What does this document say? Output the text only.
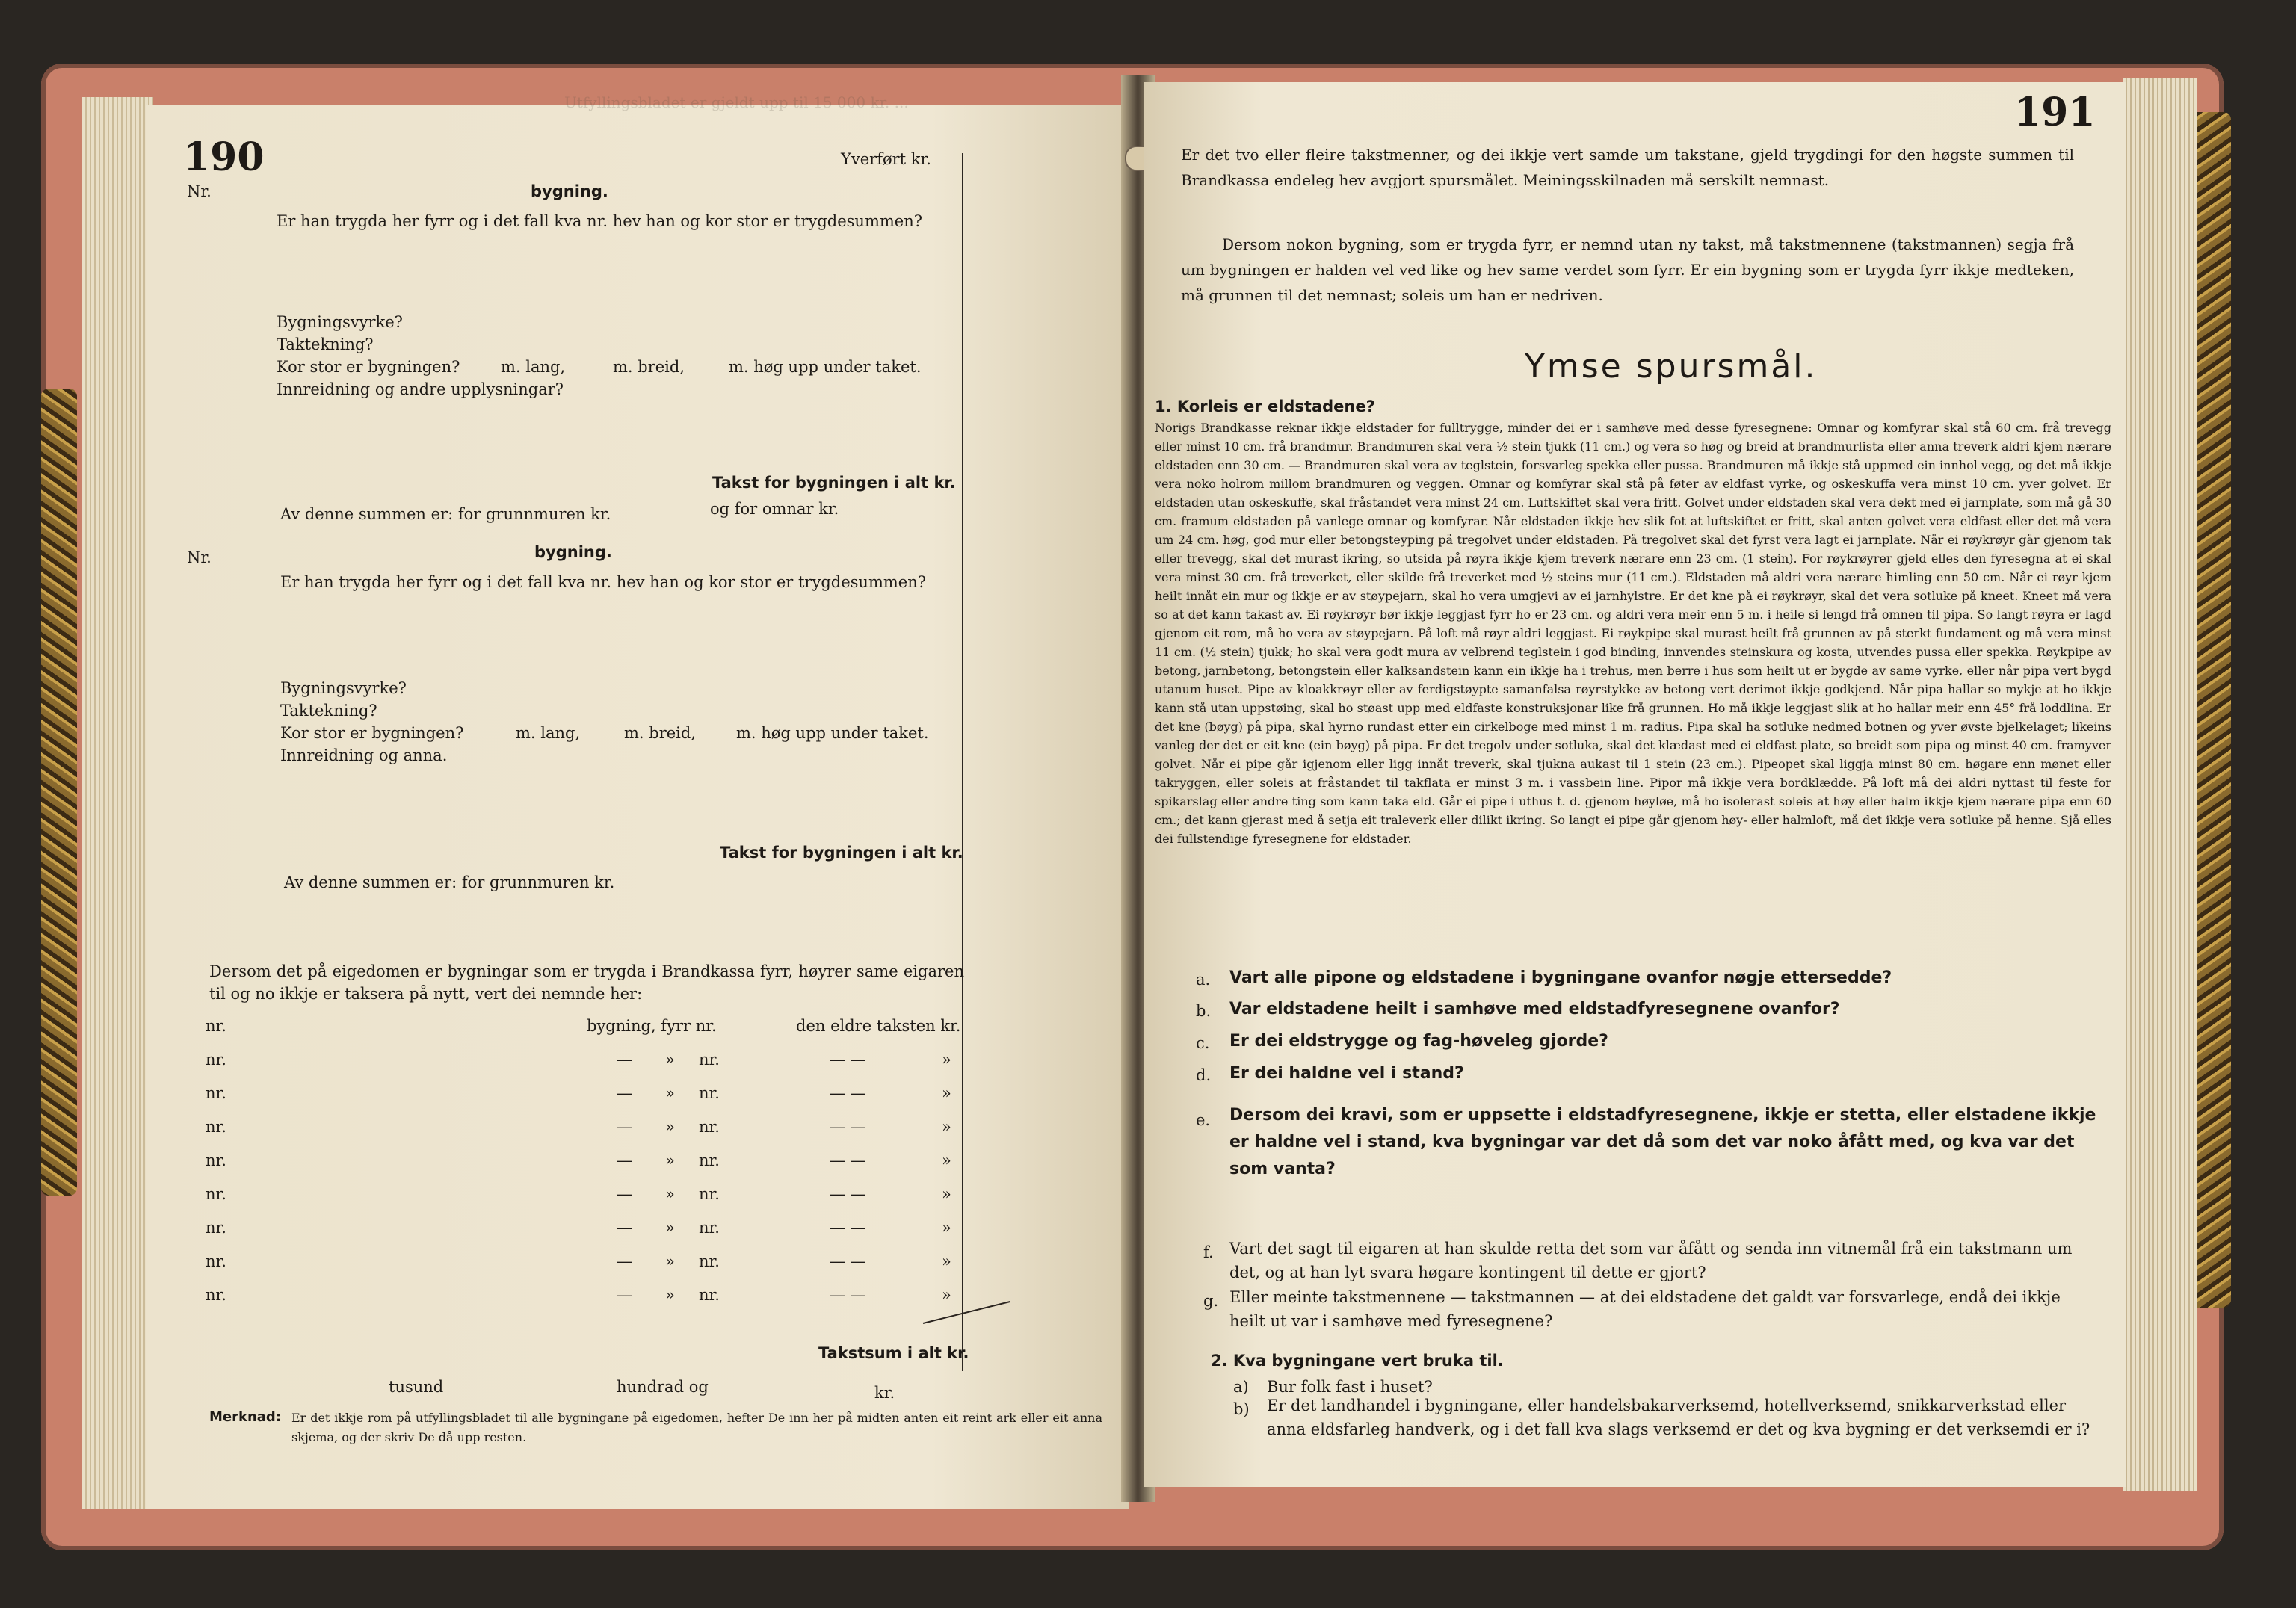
Utfyllingsbladet er gjeldt upp til 15 000 kr. ...
190	Yverført kr.
Nr.	bygning.
Er han trygda her fyrr og i det fall kva nr. hev han og kor stor er trygdesummen?
Bygningsvyrke?
Taktekning?
Kor stor er bygningen?	m. lang,	m. breid,	m. høg upp under taket.
Innreidning og andre upplysningar?
Takst for bygningen i alt kr.
Av denne summen er: for grunnmuren kr.	og for omnar kr.
Nr.	bygning.
Er han trygda her fyrr og i det fall kva nr. hev han og kor stor er trygdesummen?
Bygningsvyrke?
Taktekning?
Kor stor er bygningen?	m. lang,	m. breid,	m. høg upp under taket.
Innreidning og anna.
Takst for bygningen i alt kr.
Av denne summen er: for grunnmuren kr.
Dersom det på eigedomen er bygningar som er trygda i Brandkassa fyrr, høyrer same eigaren til og no ikkje er taksera på nytt, vert dei nemnde her:
nr.	bygning, fyrr nr.	den eldre taksten kr.
nr.	— » nr.	— —	»
nr.	— » nr.	— —	»
nr.	— » nr.	— —	»
nr.	— » nr.	— —	»
nr.	— » nr.	— —	»
nr.	— » nr.	— —	»
nr.	— » nr.	— —	»
nr.	— » nr.	— —	»
Takstsum i alt kr.
tusund	hundrad og	kr.
Merknad: Er det ikkje rom på utfyllingsbladet til alle bygningane på eigedomen, hefter De inn her på midten anten eit reint ark eller eit anna skjema, og der skriv De då upp resten.
191
Er det tvo eller fleire takstmenner, og dei ikkje vert samde um takstane, gjeld trygdingi for den høgste summen til Brandkassa endeleg hev avgjort spursmålet. Meiningsskilnaden må serskilt nemnast.
Dersom nokon bygning, som er trygda fyrr, er nemnd utan ny takst, må takstmennene (takstmannen) segja frå um bygningen er halden vel ved like og hev same verdet som fyrr. Er ein bygning som er trygda fyrr ikkje medteken, må grunnen til det nemnast; soleis um han er nedriven.
Ymse spursmål.
1. Korleis er eldstadene?
Norigs Brandkasse reknar ikkje eldstader for fulltrygge, minder dei er i samhøve med desse fyresegnene: Omnar og komfyrar skal stå 60 cm. frå trevegg eller minst 10 cm. frå brandmur. Brandmuren skal vera ½ stein tjukk (11 cm.) og vera so høg og breid at brandmurlista eller anna treverk aldri kjem nærare eldstaden enn 30 cm. — Brandmuren skal vera av teglstein, forsvarleg spekka eller pussa. Brandmuren må ikkje stå uppmed ein innhol vegg, og det må ikkje vera noko holrom millom brandmuren og veggen. Omnar og komfyrar skal stå på føter av eldfast vyrke, og oskeskuffa vera minst 10 cm. yver golvet. Er eldstaden utan oskeskuffe, skal fråstandet vera minst 24 cm. Luftskiftet skal vera fritt. Golvet under eldstaden skal vera dekt med ei jarnplate, som må gå 30 cm. framum eldstaden på vanlege omnar og komfyrar. Når eldstaden ikkje hev slik fot at luftskiftet er fritt, skal anten golvet vera eldfast eller det må vera um 24 cm. høg, god mur eller betongsteyping på tregolvet under eldstaden. På tregolvet skal det fyrst vera lagt ei jarnplate. Når ei røykrøyr går gjenom tak eller trevegg, skal det murast ikring, so utsida på røyra ikkje kjem treverk nærare enn 23 cm. (1 stein). For røykrøyrer gjeld elles den fyresegna at ei skal vera minst 30 cm. frå treverket, eller skilde frå treverket med ½ steins mur (11 cm.). Eldstaden må aldri vera nærare himling enn 50 cm. Når ei røyr kjem heilt innåt ein mur og ikkje er av støypejarn, skal ho vera umgjevi av ei jarnhylstre. Er det kne på ei røykrøyr, skal det vera sotluke på kneet. Kneet må vera so at det kann takast av. Ei røykrøyr bør ikkje leggjast fyrr ho er 23 cm. og aldri vera meir enn 5 m. i heile si lengd frå omnen til pipa. So langt røyra er lagd gjenom eit rom, må ho vera av støypejarn. På loft må røyr aldri leggjast. Ei røykpipe skal murast heilt frå grunnen av på sterkt fundament og må vera minst 11 cm. (½ stein) tjukk; ho skal vera godt mura av velbrend teglstein i god binding, innvendes steinskura og kosta, utvendes pussa eller spekka. Røykpipe av betong, jarnbetong, betongstein eller kalksandstein kann ein ikkje ha i trehus, men berre i hus som heilt ut er bygde av same vyrke, eller når pipa vert bygd utanum huset. Pipe av kloakkrøyr eller av ferdigstøypte samanfalsa røyrstykke av betong vert derimot ikkje godkjend. Når pipa hallar so mykje at ho ikkje kann stå utan uppstøing, skal ho støast upp med eldfaste konstruksjonar like frå grunnen. Ho må ikkje leggjast slik at ho hallar meir enn 45° frå loddlina. Er det kne (bøyg) på pipa, skal hyrno rundast etter ein cirkelboge med minst 1 m. radius. Pipa skal ha sotluke nedmed botnen og yver øvste bjelkelaget; likeins vanleg der det er eit kne (ein bøyg) på pipa. Er det tregolv under sotluka, skal det klædast med ei eldfast plate, so breidt som pipa og minst 40 cm. framyver golvet. Når ei pipe går igjenom eller ligg innåt treverk, skal tjukna aukast til 1 stein (23 cm.). Pipeopet skal liggja minst 80 cm. høgare enn mønet eller takryggen, eller soleis at fråstandet til takflata er minst 3 m. i vassbein line. Pipor må ikkje vera bordklædde. På loft må dei aldri nyttast til feste for spikarslag eller andre ting som kann taka eld. Går ei pipe i uthus t. d. gjenom høyløe, må ho isolerast soleis at høy eller halm ikkje kjem nærare pipa enn 60 cm.; det kann gjerast med å setja eit traleverk eller dilikt ikring. So langt ei pipe går gjenom høy- eller halmloft, må det ikkje vera sotluke på henne. Sjå elles dei fullstendige fyresegnene for eldstader.
a. Vart alle pipone og eldstadene i bygningane ovanfor nøgje ettersedde?
b. Var eldstadene heilt i samhøve med eldstadfyresegnene ovanfor?
c. Er dei eldstrygge og fag-høveleg gjorde?
d. Er dei haldne vel i stand?
e. Dersom dei kravi, som er uppsette i eldstadfyresegnene, ikkje er stetta, eller elstadene ikkje er haldne vel i stand, kva bygningar var det då som det var noko åfått med, og kva var det som vanta?
f. Vart det sagt til eigaren at han skulde retta det som var åfått og senda inn vitnemål frå ein takstmann um det, og at han lyt svara høgare kontingent til dette er gjort?
g. Eller meinte takstmennene — takstmannen — at dei eldstadene det galdt var forsvarlege, endå dei ikkje heilt ut var i samhøve med fyresegnene?
2. Kva bygningane vert bruka til.
a) Bur folk fast i huset?
b) Er det landhandel i bygningane, eller handelsbakarverksemd, hotellverksemd, snikkarverkstad eller anna eldsfarleg handverk, og i det fall kva slags verksemd er det og kva bygning er det verksemdi er i?
